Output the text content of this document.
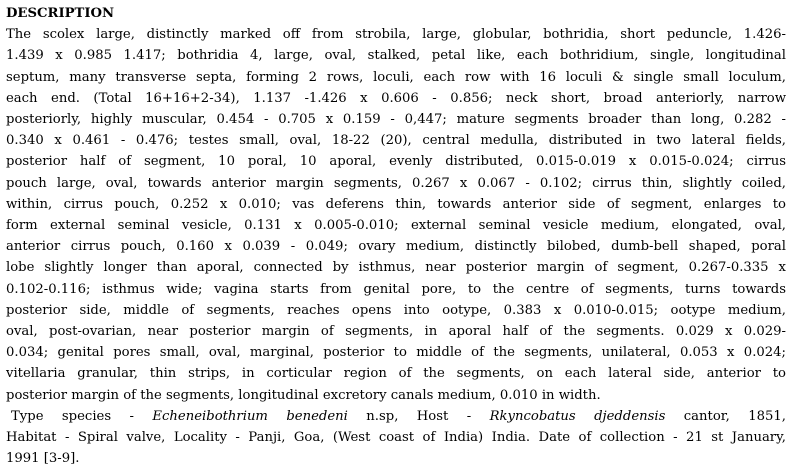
DESCRIPTION

The scolex large, distinctly marked off from strobila, large, globular, bothridia, short peduncle, 1.426-
1.439 x 0.985 1.417; bothridia 4, large, oval, stalked, petal like, each bothridium, single, longitudinal
septum, many transverse septa, forming 2 rows, loculi, each row with 16 loculi & single small loculum,
each end. (Total 16+16+2-34), 1.137 -1.426 x 0.606 - 0.856; neck short, broad anteriorly, narrow
posteriorly, highly muscular, 0.454 - 0.705 x 0.159 - 0,447; mature segments broader than long, 0.282 -
0.340 x 0.461 - 0.476; testes small, oval, 18-22 (20), central medulla, distributed in two lateral fields,
posterior half of segment, 10 poral, 10 aporal, evenly distributed, 0.015-0.019 x 0.015-0.024; cirrus
pouch large, oval, towards anterior margin segments, 0.267 x 0.067 - 0.102; cirrus thin, slightly coiled,
within, cirrus pouch, 0.252 x 0.010; vas deferens thin, towards anterior side of segment, enlarges to
form external seminal vesicle, 0.131 x 0.005-0.010; external seminal vesicle medium, elongated, oval,
anterior cirrus pouch, 0.160 x 0.039 - 0.049; ovary medium, distinctly bilobed, dumb-bell shaped, poral
lobe slightly longer than aporal, connected by isthmus, near posterior margin of segment, 0.267-0.335 x
0.102-0.116; isthmus wide; vagina starts from genital pore, to the centre of segments, turns towards
posterior side, middle of segments, reaches opens into ootype, 0.383 x 0.010-0.015; ootype medium,
oval, post-ovarian, near posterior margin of segments, in aporal half of the segments. 0.029 x 0.029-
0.034; genital pores small, oval, marginal, posterior to middle of the segments, unilateral, 0.053 x 0.024;
vitellaria granular, thin strips, in corticular region of the segments, on each lateral side, anterior to
posterior margin of the segments, longitudinal excretory canals medium, 0.010 in width.
Type species - Echeneibothrium benedeni n.sp, Host - Rkyncobatus djeddensis cantor, 1851,
Habitat - Spiral valve, Locality - Panji, Goa, (West coast of India) India. Date of collection - 21 st January,
1991 [3-9].
